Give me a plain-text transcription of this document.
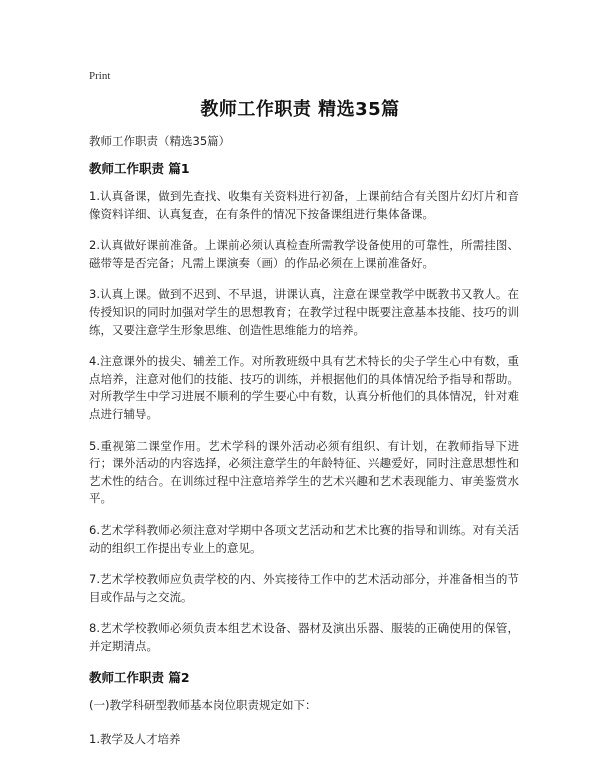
Print
教师工作职责 精选35篇

教师工作职责（精选35篇）

教师工作职责 篇1

1.认真备课，做到先查找、收集有关资料进行初备，上课前结合有关图片幻灯片和音像资料详细、认真复查，在有条件的情况下按备课组进行集体备课。

2.认真做好课前准备。上课前必须认真检查所需教学设备使用的可靠性，所需挂图、磁带等是否完备；凡需上课演奏（画）的作品必须在上课前准备好。

3.认真上课。做到不迟到、不早退，讲课认真，注意在课堂教学中既教书又教人。在传授知识的同时加强对学生的思想教育；在教学过程中既要注意基本技能、技巧的训练，又要注意学生形象思维、创造性思维能力的培养。

4.注意课外的拔尖、辅差工作。对所教班级中具有艺术特长的尖子学生心中有数，重点培养，注意对他们的技能、技巧的训练，并根据他们的具体情况给予指导和帮助。对所教学生中学习进展不顺利的学生要心中有数，认真分析他们的具体情况，针对难点进行辅导。

5.重视第二课堂作用。艺术学科的课外活动必须有组织、有计划，在教师指导下进行；课外活动的内容选择，必须注意学生的年龄特征、兴趣爱好，同时注意思想性和艺术性的结合。在训练过程中注意培养学生的艺术兴趣和艺术表现能力、审美鉴赏水平。

6.艺术学科教师必须注意对学期中各项文艺活动和艺术比赛的指导和训练。对有关活动的组织工作提出专业上的意见。

7.艺术学校教师应负责学校的内、外宾接待工作中的艺术活动部分，并准备相当的节目或作品与之交流。

8.艺术学校教师必须负责本组艺术设备、器材及演出乐器、服装的正确使用的保管，并定期清点。

教师工作职责 篇2

(一)教学科研型教师基本岗位职责规定如下：

1.教学及人才培养
